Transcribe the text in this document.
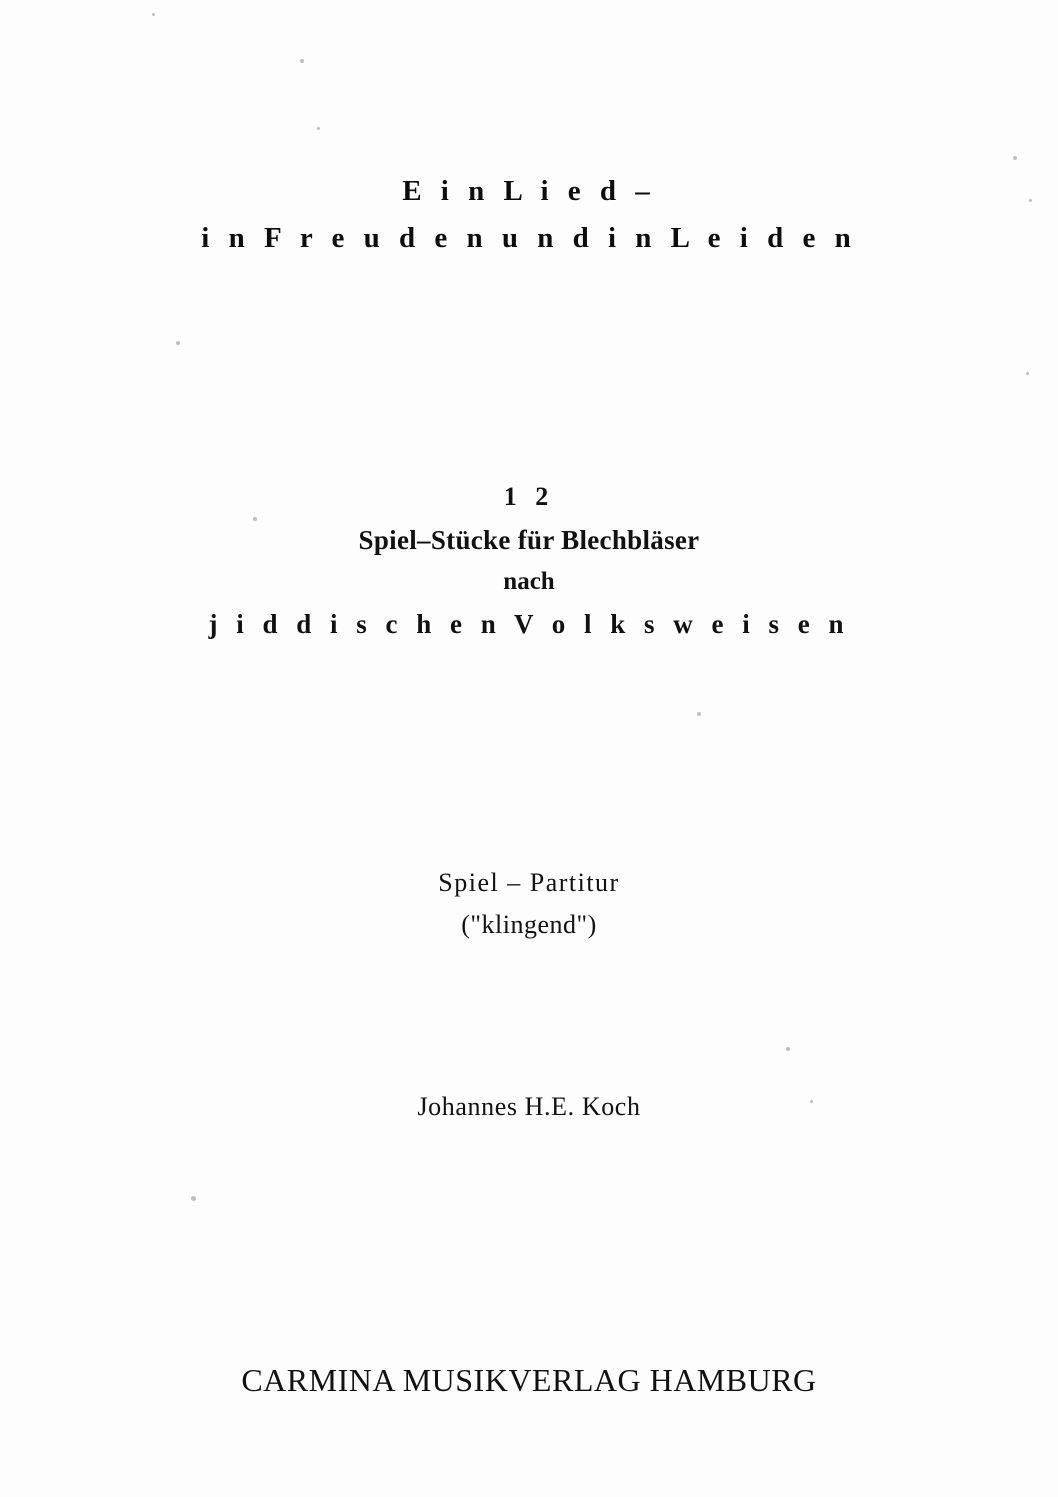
E i n L i e d –
i n F r e u d e n u n d i n L e i d e n
1 2
Spiel–Stücke für Blechbläser
nach
j i d d i s c h e n V o l k s w e i s e n
Spiel – Partitur
("klingend")
Johannes H.E. Koch
CARMINA MUSIKVERLAG HAMBURG
